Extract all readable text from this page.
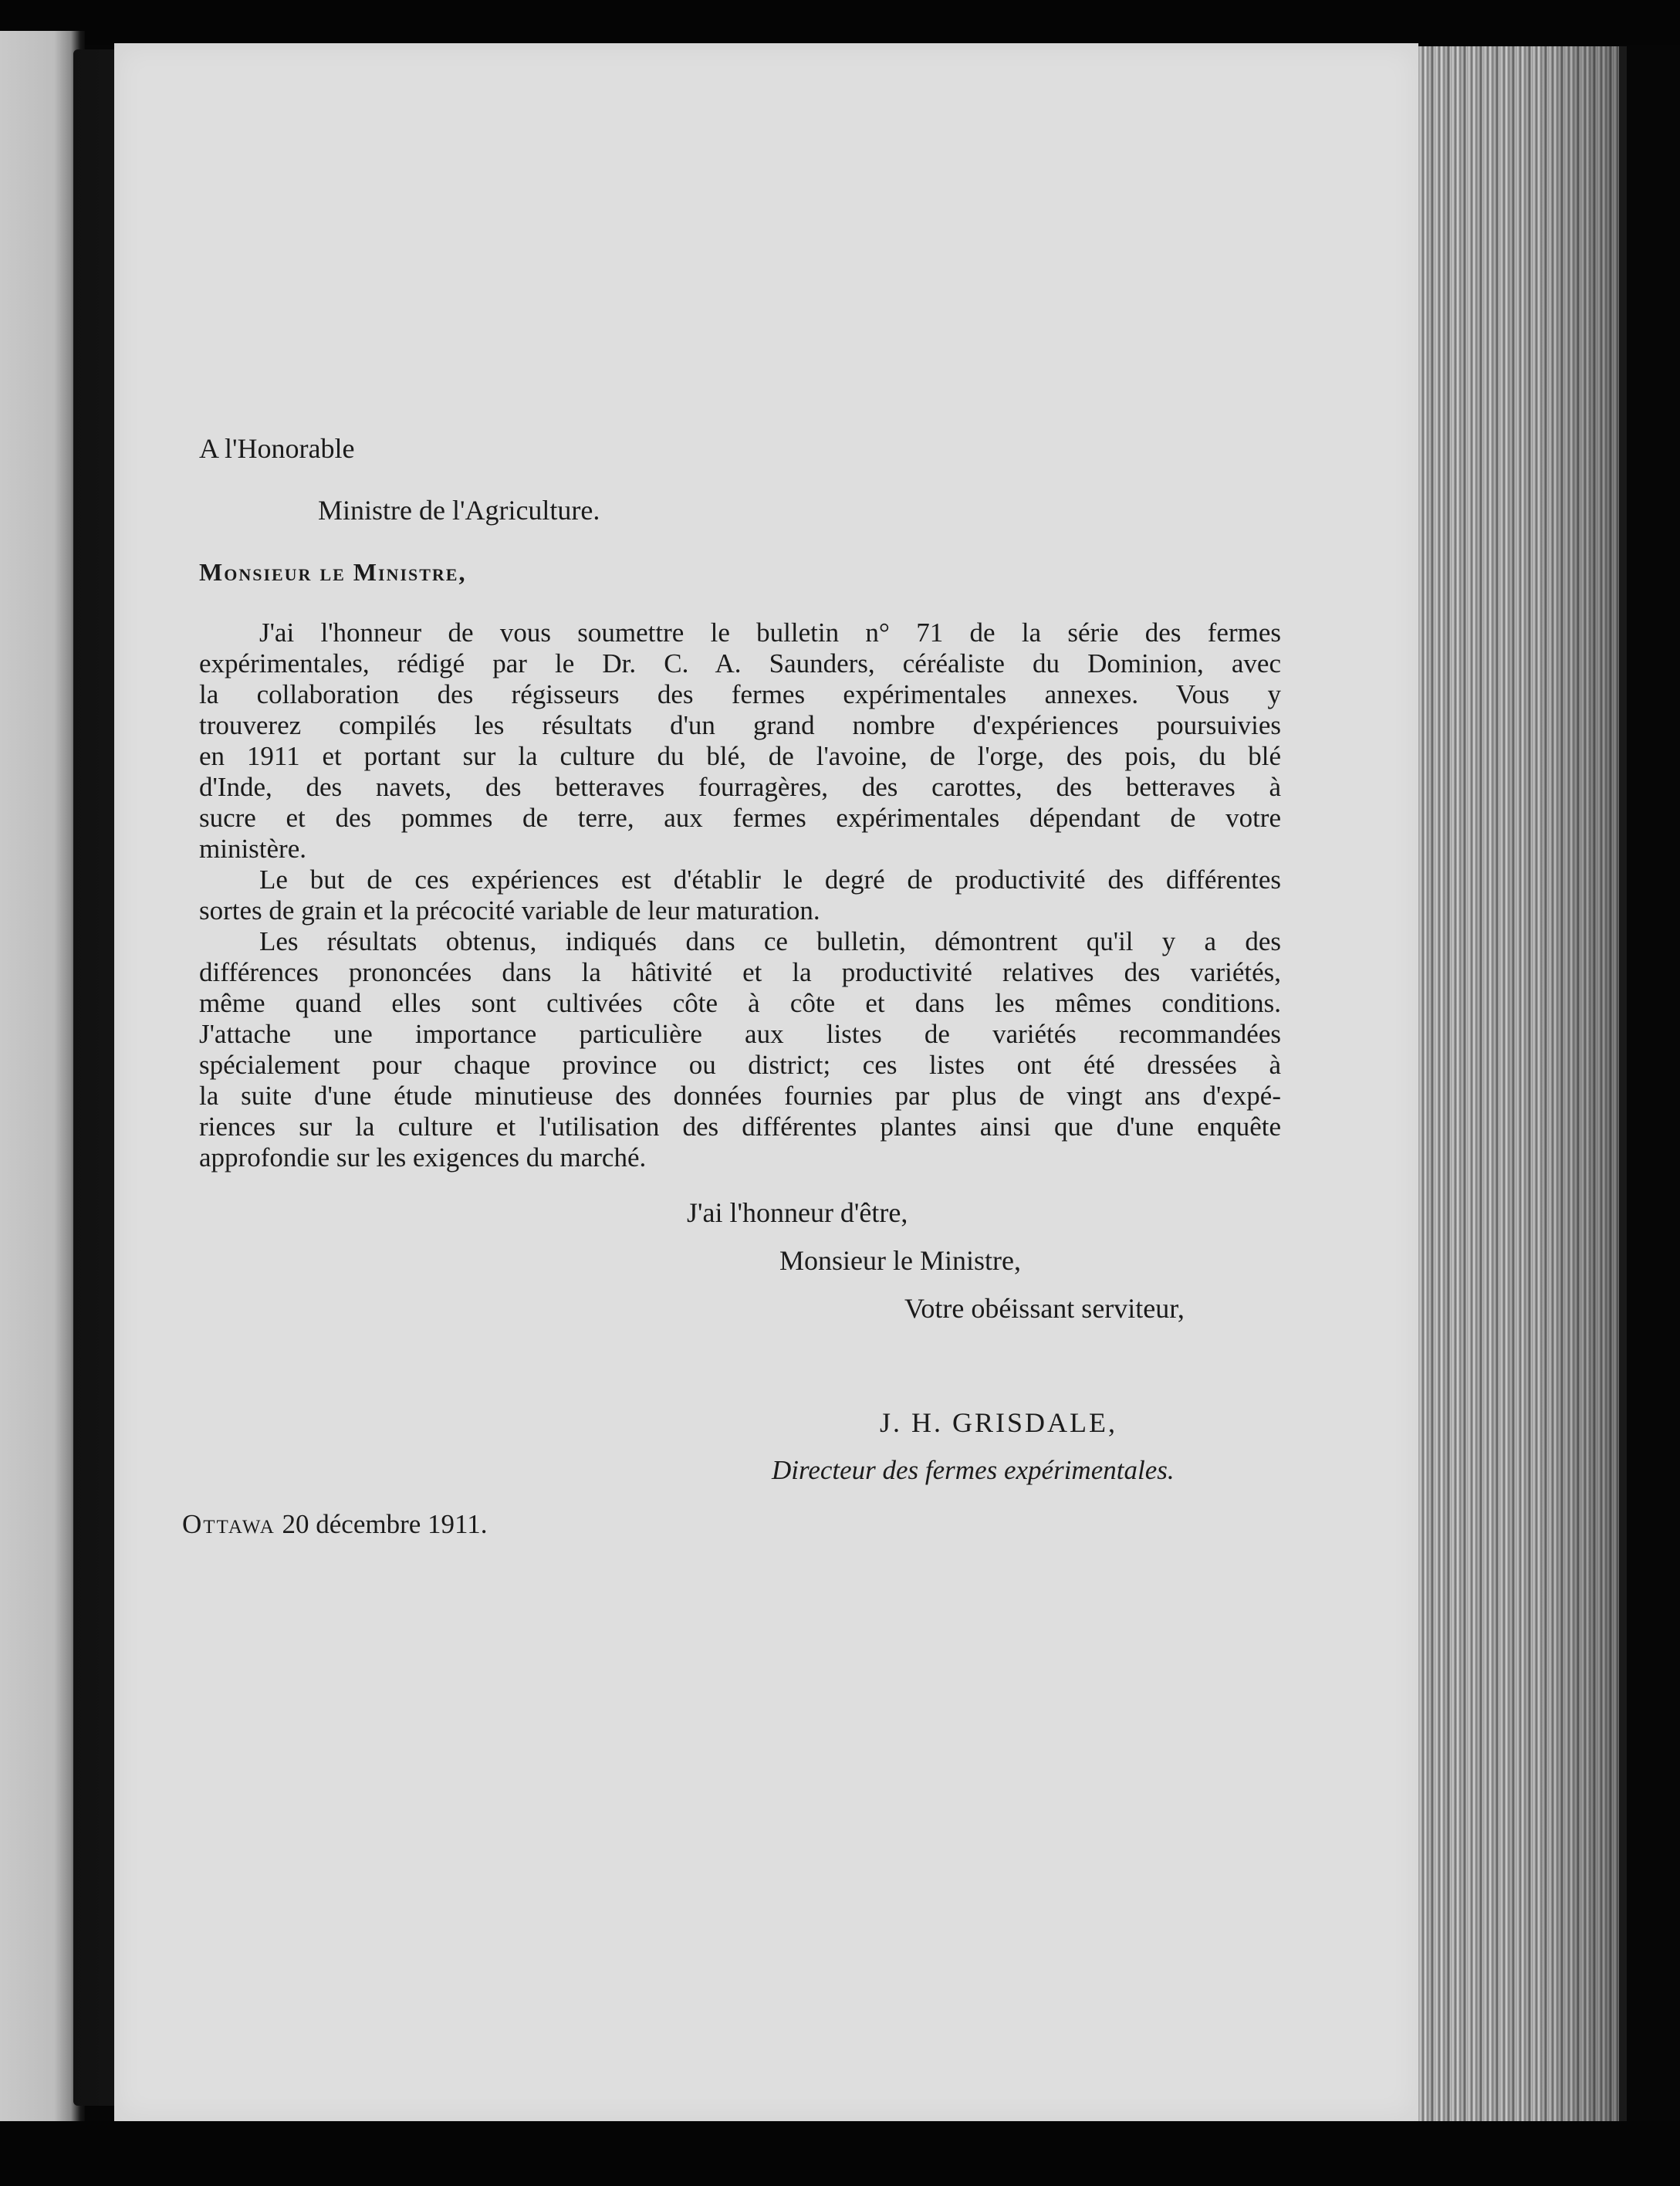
A l'Honorable
Ministre de l'Agriculture.
Monsieur le Ministre,
J'ai l'honneur de vous soumettre le bulletin n° 71 de la série des fermes
expérimentales, rédigé par le Dr. C. A. Saunders, céréaliste du Dominion, avec
la collaboration des régisseurs des fermes expérimentales annexes. Vous y
trouverez compilés les résultats d'un grand nombre d'expériences poursuivies
en 1911 et portant sur la culture du blé, de l'avoine, de l'orge, des pois, du blé
d'Inde, des navets, des betteraves fourragères, des carottes, des betteraves à
sucre et des pommes de terre, aux fermes expérimentales dépendant de votre
ministère.
Le but de ces expériences est d'établir le degré de productivité des différentes
sortes de grain et la précocité variable de leur maturation.
Les résultats obtenus, indiqués dans ce bulletin, démontrent qu'il y a des
différences prononcées dans la hâtivité et la productivité relatives des variétés,
même quand elles sont cultivées côte à côte et dans les mêmes conditions.
J'attache une importance particulière aux listes de variétés recommandées
spécialement pour chaque province ou district; ces listes ont été dressées à
la suite d'une étude minutieuse des données fournies par plus de vingt ans d'expé-
riences sur la culture et l'utilisation des différentes plantes ainsi que d'une enquête
approfondie sur les exigences du marché.
J'ai l'honneur d'être,
Monsieur le Ministre,
Votre obéissant serviteur,
J. H. GRISDALE,
Directeur des fermes expérimentales.
Ottawa 20 décembre 1911.
